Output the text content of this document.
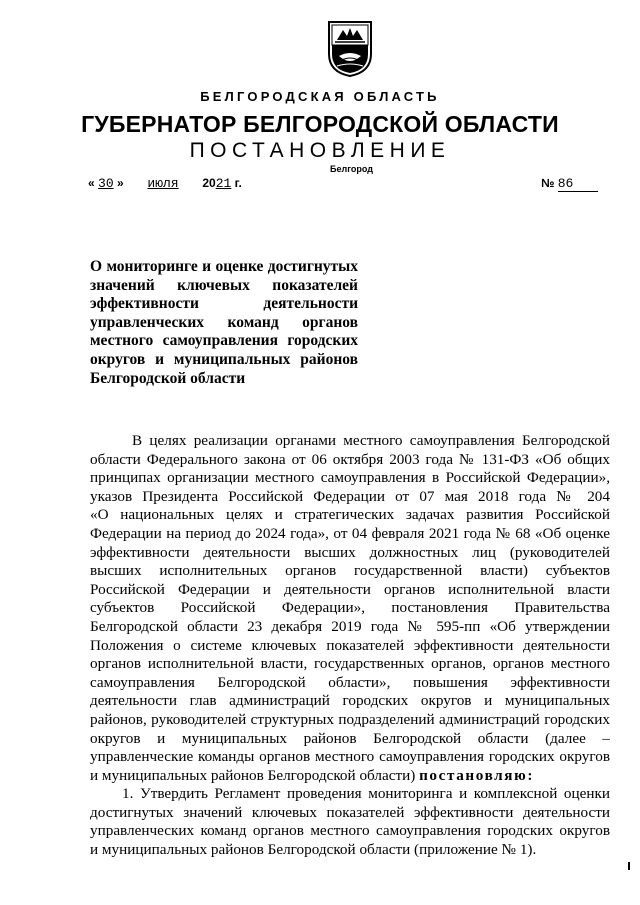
БЕЛГОРОДСКАЯ ОБЛАСТЬ
ГУБЕРНАТОР БЕЛГОРОДСКОЙ ОБЛАСТИ
ПОСТАНОВЛЕНИЕ
Белгород
« 30 » июля 2021 г.	№ 86
О мониторинге и оценке достигнутых
значений ключевых показателей
эффективности деятельности
управленческих команд органов
местного самоуправления городских
округов и муниципальных районов
Белгородской области
В целях реализации органами местного самоуправления Белгородской
области Федерального закона от 06 октября 2003 года № 131-ФЗ «Об общих
принципах организации местного самоуправления в Российской Федерации»,
указов Президента Российской Федерации от 07 мая 2018 года № 204
«О национальных целях и стратегических задачах развития Российской
Федерации на период до 2024 года», от 04 февраля 2021 года № 68 «Об оценке
эффективности деятельности высших должностных лиц (руководителей
высших исполнительных органов государственной власти) субъектов
Российской Федерации и деятельности органов исполнительной власти
субъектов Российской Федерации», постановления Правительства
Белгородской области 23 декабря 2019 года № 595-пп «Об утверждении
Положения о системе ключевых показателей эффективности деятельности
органов исполнительной власти, государственных органов, органов местного
самоуправления Белгородской области», повышения эффективности
деятельности глав администраций городских округов и муниципальных
районов, руководителей структурных подразделений администраций городских
округов и муниципальных районов Белгородской области (далее –
управленческие команды органов местного самоуправления городских округов
и муниципальных районов Белгородской области) постановляю:
1. Утвердить Регламент проведения мониторинга и комплексной оценки
достигнутых значений ключевых показателей эффективности деятельности
управленческих команд органов местного самоуправления городских округов
и муниципальных районов Белгородской области (приложение № 1).
